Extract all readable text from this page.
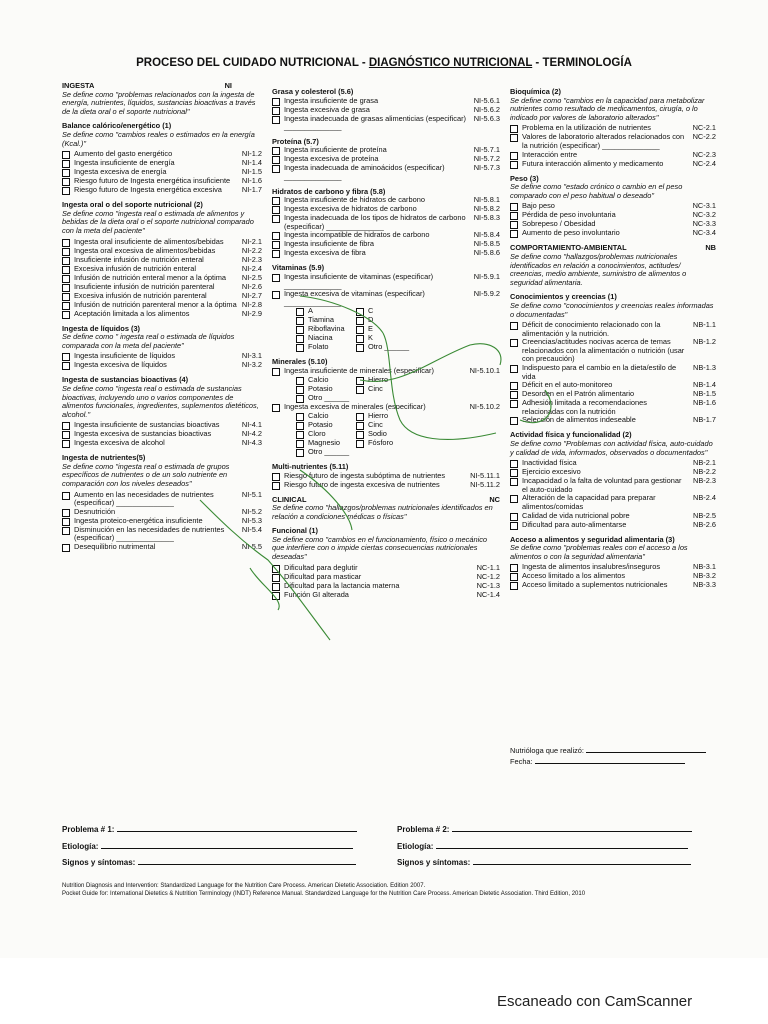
PROCESO DEL CUIDADO NUTRICIONAL - DIAGNÓSTICO NUTRICIONAL - TERMINOLOGÍA
INGESTA	NI
Se define como "problemas relacionados con la ingesta de energía, nutrientes, líquidos, sustancias bioactivas a través de la dieta oral o el soporte nutricional"
Balance calórico/energético (1)
Se define como "cambios reales o estimados en la energía (Kcal.)"
Aumento del gasto energético	NI-1.2
Ingesta insuficiente de energía	NI-1.4
Ingesta excesiva de energía	NI-1.5
Riesgo futuro de Ingesta energética insuficiente	NI-1.6
Riesgo futuro de Ingesta energética excesiva	NI-1.7
Ingesta oral o del soporte nutricional (2)
Se define como "ingesta real o estimada de alimentos y bebidas de la dieta oral o el soporte nutricional comparado con la meta del paciente"
Ingesta oral insuficiente de alimentos/bebidas	NI-2.1
Ingesta oral excesiva de alimentos/bebidas	NI-2.2
Insuficiente infusión de nutrición enteral	NI-2.3
Excesiva infusión de nutrición enteral	NI-2.4
Infusión de nutrición enteral menor a la óptima	NI-2.5
Insuficiente infusión de nutrición parenteral	NI-2.6
Excesiva infusión de nutrición parenteral	NI-2.7
Infusión de nutrición parenteral menor a la óptima NI-2.8
Aceptación limitada a los alimentos	NI-2.9
Ingesta de líquidos (3)
Se define como " ingesta real o estimada de líquidos comparada con la meta del paciente"
Ingesta insuficiente de líquidos	NI-3.1
Ingesta excesiva de líquidos	NI-3.2
Ingesta de sustancias bioactivas (4)
Se define como "ingesta real o estimada de sustancias bioactivas, incluyendo uno o varios componentes de alimentos funcionales, ingredientes, suplementos dietéticos, alcohol."
Ingesta insuficiente de sustancias bioactivas	NI-4.1
Ingesta excesiva de sustancias bioactivas	NI-4.2
Ingesta excesiva de alcohol	NI-4.3
Ingesta de nutrientes(5)
Se define como "ingesta real o estimada de grupos específicos de nutrientes o de un solo nutriente en comparación con los niveles deseados"
Aumento en las necesidades de nutrientes (especificar) ______________
NI-5.1
Desnutrición	NI-5.2
Ingesta proteico-energética insuficiente	NI-5.3
Disminución en las necesidades de nutrientes (especificar) ______________
NI-5.4
Desequilibrio nutrimental	NI-5.5
Grasa y colesterol (5.6)
Ingesta insuficiente de grasa	NI-5.6.1
Ingesta excesiva de grasa	NI-5.6.2
Ingesta inadecuada de grasas alimenticias (especificar) ______________
NI-5.6.3
Proteína (5.7)
Ingesta insuficiente de proteína	NI-5.7.1
Ingesta excesiva de proteína	NI-5.7.2
Ingesta inadecuada de aminoácidos (especificar) ______________
NI-5.7.3
Hidratos de carbono y fibra (5.8)
Ingesta insuficiente de hidratos de carbono	NI-5.8.1
Ingesta excesiva de hidratos de carbono	NI-5.8.2
Ingesta inadecuada de los tipos de hidratos de carbono (especificar) ______________
NI-5.8.3
Ingesta incompatible de hidratos de carbono	NI-5.8.4
Ingesta insuficiente de fibra	NI-5.8.5
Ingesta excesiva de fibra	NI-5.8.6
Vitaminas (5.9)
Ingesta insuficiente de vitaminas (especificar) ______________
NI-5.9.1
Ingesta excesiva de vitaminas (especificar) ______________
NI-5.9.2
A	C
Tiamina	D
Riboflavina	E
Niacina	K
Folato	Otro ______
Minerales (5.10)
Ingesta insuficiente de minerales (especificar)	NI-5.10.1
Calcio	Hierro
Potasio	Cinc
Otro ______
Ingesta excesiva de minerales (especificar)	NI-5.10.2
Calcio	Hierro
Potasio	Cinc
Cloro	Sodio
Magnesio	Fósforo
Otro ______
Multi-nutrientes (5.11)
Riesgo futuro de ingesta subóptima de nutrientes	NI-5.11.1
Riesgo futuro de ingesta excesiva de nutrientes	NI-5.11.2
CLINICAL	NC
Se define como "hallazgos/problemas nutricionales identificados en relación a condiciones médicas o físicas"
Funcional (1)
Se define como "cambios en el funcionamiento, físico o mecánico que interfiere con o impide ciertas consecuencias nutricionales deseadas"
Dificultad para deglutir	NC-1.1
Dificultad para masticar	NC-1.2
Dificultad para la lactancia materna	NC-1.3
Función GI alterada	NC-1.4
Bioquímica (2)
Se define como "cambios en la capacidad para metabolizar nutrientes como resultado de medicamentos, cirugía, o lo indicado por valores de laboratorio alterados"
Problema en la utilización de nutrientes	NC-2.1
Valores de laboratorio alterados relacionados con la nutrición (especificar) ______________
NC-2.2
Interacción entre	NC-2.3
Futura interacción alimento y medicamento	NC-2.4
Peso (3)
Se define como "estado crónico o cambio en el peso comparado con el peso habitual o deseado"
Bajo peso	NC-3.1
Pérdida de peso involuntaria	NC-3.2
Sobrepeso / Obesidad	NC-3.3
Aumento de peso involuntario	NC-3.4
COMPORTAMIENTO-AMBIENTAL	NB
Se define como "hallazgos/problemas nutricionales identificados en relación a conocimientos, actitudes/ creencias, medio ambiente, suministro de alimentos o seguridad alimentaria.
Conocimientos y creencias (1)
Se define como "conocimientos y creencias reales informadas o documentadas"
Déficit de conocimiento relacionado con la alimentación y la nutrición.
NB-1.1
Creencias/actitudes nocivas acerca de temas relacionados con la alimentación o nutrición (usar con precaución)
NB-1.2
Indispuesto para el cambio en la dieta/estilo de vida
NB-1.3
Déficit en el auto-monitoreo	NB-1.4
Desorden en el Patrón alimentario	NB-1.5
Adhesión limitada a recomendaciones relacionadas con la nutrición
NB-1.6
Selección de alimentos indeseable	NB-1.7
Actividad física y funcionalidad (2)
Se define como "Problemas con actividad física, auto-cuidado y calidad de vida, informados, observados o documentados"
Inactividad física	NB-2.1
Ejercicio excesivo	NB-2.2
Incapacidad o la falta de voluntad para gestionar el auto-cuidado
NB-2.3
Alteración de la capacidad para preparar alimentos/comidas
NB-2.4
Calidad de vida nutricional pobre	NB-2.5
Dificultad para auto-alimentarse	NB-2.6
Acceso a alimentos y seguridad alimentaria (3)
Se define como "problemas reales con el acceso a los alimentos o con la seguridad alimentaria"
Ingesta de alimentos insalubres/inseguros	NB-3.1
Acceso limitado a los alimentos	NB-3.2
Acceso limitado a suplementos nutricionales	NB-3.3
Nutrióloga que realizó:
Fecha:
Problema # 1:
Etiología:
Signos y síntomas:
Problema # 2:
Etiología:
Signos y síntomas:
Nutrition Diagnosis and Intervention: Standardized Language for the Nutrition Care Process. American Dietetic Association. Edition 2007.
Pocket Guide for: International Dietetics & Nutrition Terminology (INDT) Reference Manual. Standardized Language for the Nutrition Care Process. American Dietetic Association. Third Edition, 2010
Escaneado con CamScanner
